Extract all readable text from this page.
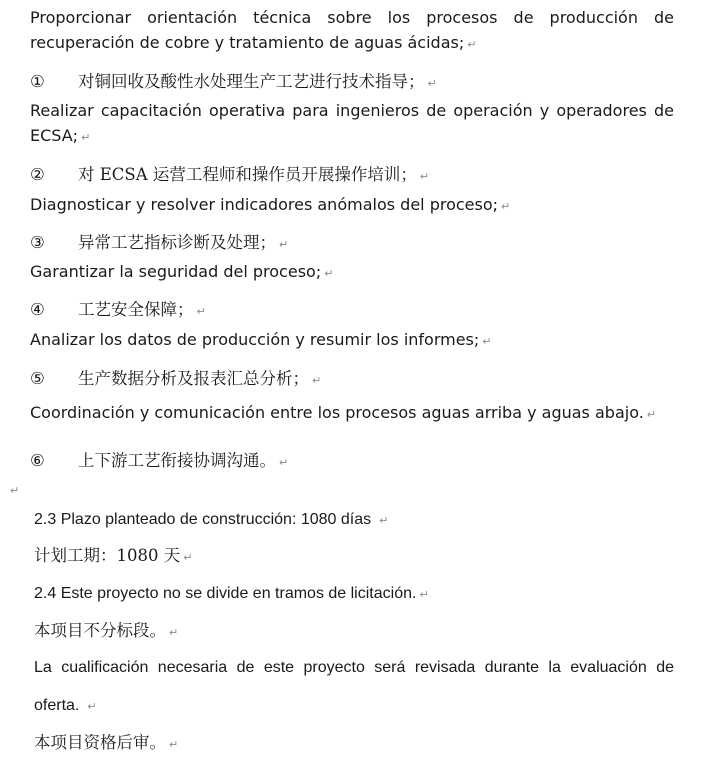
Proporcionar orientación técnica sobre los procesos de producción de
recuperación de cobre y tratamiento de aguas ácidas; ↵
① 对铜回收及酸性水处理生产工艺进行技术指导； ↵
Realizar capacitación operativa para ingenieros de operación y operadores de
ECSA; ↵
② 对 ECSA 运营工程师和操作员开展操作培训； ↵
Diagnosticar y resolver indicadores anómalos del proceso; ↵
③ 异常工艺指标诊断及处理； ↵
Garantizar la seguridad del proceso; ↵
④ 工艺安全保障； ↵
Analizar los datos de producción y resumir los informes; ↵
⑤ 生产数据分析及报表汇总分析； ↵
Coordinación y comunicación entre los procesos aguas arriba y aguas abajo. ↵
⑥ 上下游工艺衔接协调沟通。 ↵
↵
2.3 Plazo planteado de construcción: 1080 días ↵
计划工期：1080 天 ↵
2.4 Este proyecto no se divide en tramos de licitación. ↵
本项目不分标段。 ↵
La cualificación necesaria de este proyecto será revisada durante la evaluación de
oferta. ↵
本项目资格后审。 ↵
